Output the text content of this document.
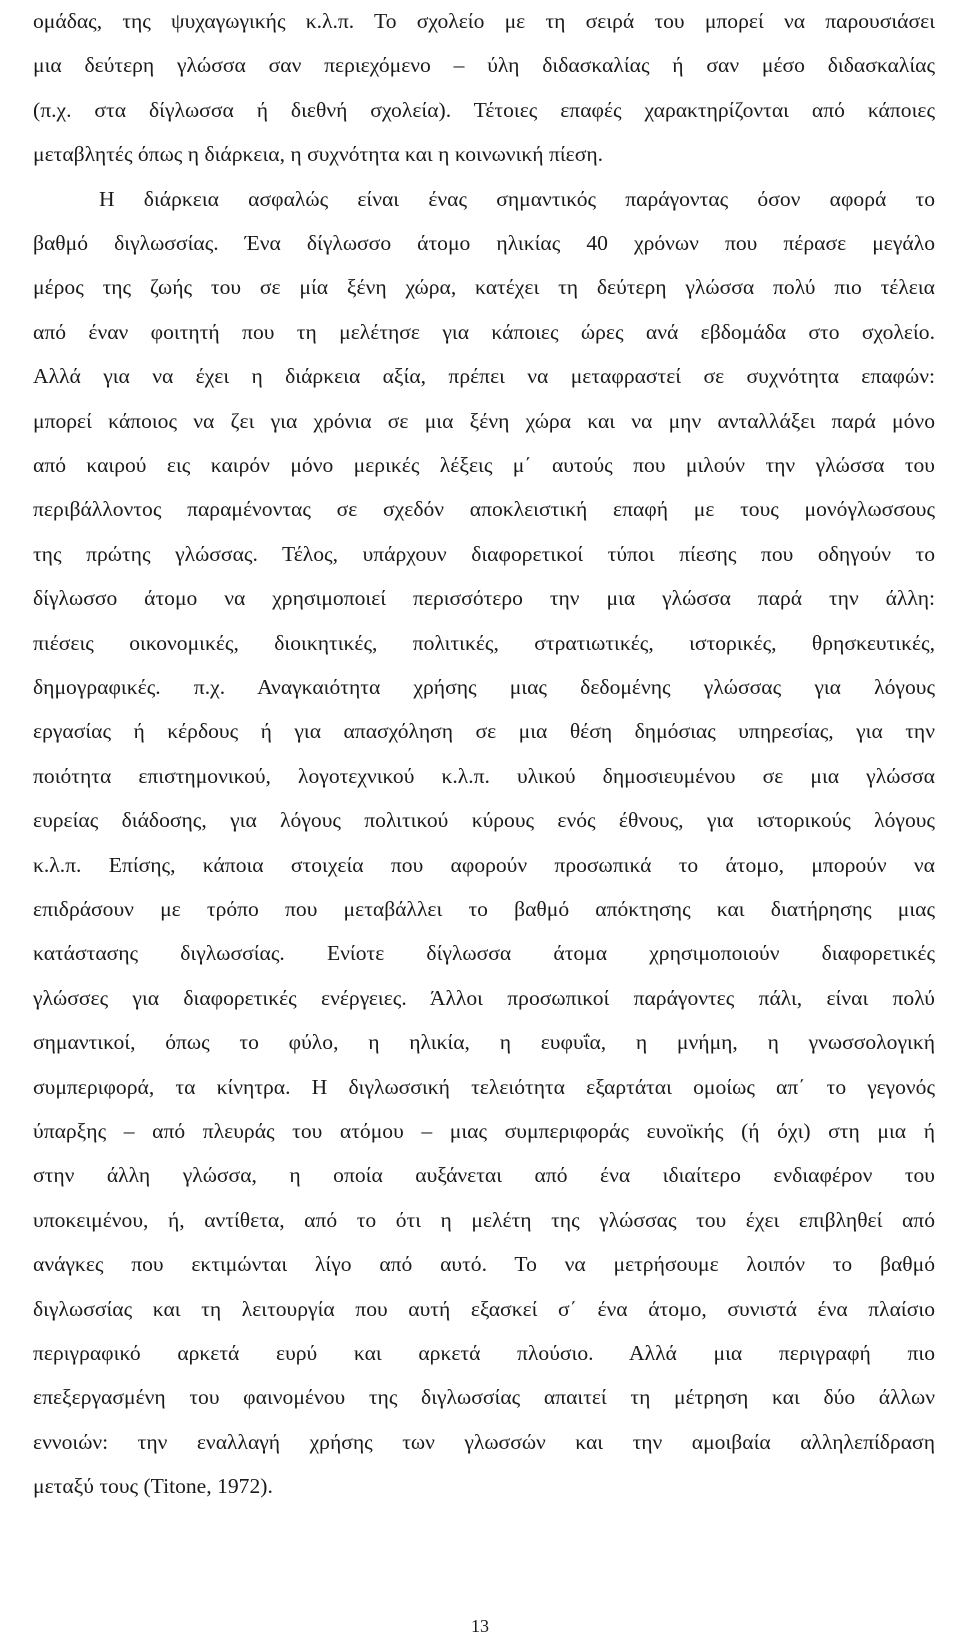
ομάδας, της ψυχαγωγικής κ.λ.π. Το σχολείο με τη σειρά του μπορεί να παρουσιάσει
μια δεύτερη γλώσσα σαν περιεχόμενο – ύλη διδασκαλίας ή σαν μέσο διδασκαλίας
(π.χ. στα δίγλωσσα ή διεθνή σχολεία). Τέτοιες επαφές χαρακτηρίζονται από κάποιες
μεταβλητές όπως η διάρκεια, η συχνότητα και η κοινωνική πίεση.
Η διάρκεια ασφαλώς είναι ένας σημαντικός παράγοντας όσον αφορά το
βαθμό διγλωσσίας. Ένα δίγλωσσο άτομο ηλικίας 40 χρόνων που πέρασε μεγάλο
μέρος της ζωής του σε μία ξένη χώρα, κατέχει τη δεύτερη γλώσσα πολύ πιο τέλεια
από έναν φοιτητή που τη μελέτησε για κάποιες ώρες ανά εβδομάδα στο σχολείο.
Αλλά για να έχει η διάρκεια αξία, πρέπει να μεταφραστεί σε συχνότητα επαφών:
μπορεί κάποιος να ζει για χρόνια σε μια ξένη χώρα και να μην ανταλλάξει παρά μόνο
από καιρού εις καιρόν μόνο μερικές λέξεις μ΄ αυτούς που μιλούν την γλώσσα του
περιβάλλοντος παραμένοντας σε σχεδόν αποκλειστική επαφή με τους μονόγλωσσους
της πρώτης γλώσσας. Τέλος, υπάρχουν διαφορετικοί τύποι πίεσης που οδηγούν το
δίγλωσσο άτομο να χρησιμοποιεί περισσότερο την μια γλώσσα παρά την άλλη:
πιέσεις οικονομικές, διοικητικές, πολιτικές, στρατιωτικές, ιστορικές, θρησκευτικές,
δημογραφικές. π.χ. Αναγκαιότητα χρήσης μιας δεδομένης γλώσσας για λόγους
εργασίας ή κέρδους ή για απασχόληση σε μια θέση δημόσιας υπηρεσίας, για την
ποιότητα επιστημονικού, λογοτεχνικού κ.λ.π. υλικού δημοσιευμένου σε μια γλώσσα
ευρείας διάδοσης, για λόγους πολιτικού κύρους ενός έθνους, για ιστορικούς λόγους
κ.λ.π. Επίσης, κάποια στοιχεία που αφορούν προσωπικά το άτομο, μπορούν να
επιδράσουν με τρόπο που μεταβάλλει το βαθμό απόκτησης και διατήρησης μιας
κατάστασης διγλωσσίας. Ενίοτε δίγλωσσα άτομα χρησιμοποιούν διαφορετικές
γλώσσες για διαφορετικές ενέργειες. Άλλοι προσωπικοί παράγοντες πάλι, είναι πολύ
σημαντικοί, όπως το φύλο, η ηλικία, η ευφυΐα, η μνήμη, η γνωσσολογική
συμπεριφορά, τα κίνητρα. Η διγλωσσική τελειότητα εξαρτάται ομοίως απ΄ το γεγονός
ύπαρξης – από πλευράς του ατόμου – μιας συμπεριφοράς ευνοϊκής (ή όχι) στη μια ή
στην άλλη γλώσσα, η οποία αυξάνεται από ένα ιδιαίτερο ενδιαφέρον του
υποκειμένου, ή, αντίθετα, από το ότι η μελέτη της γλώσσας του έχει επιβληθεί από
ανάγκες που εκτιμώνται λίγο από αυτό. Το να μετρήσουμε λοιπόν το βαθμό
διγλωσσίας και τη λειτουργία που αυτή εξασκεί σ΄ ένα άτομο, συνιστά ένα πλαίσιο
περιγραφικό αρκετά ευρύ και αρκετά πλούσιο. Αλλά μια περιγραφή πιο
επεξεργασμένη του φαινομένου της διγλωσσίας απαιτεί τη μέτρηση και δύο άλλων
εννοιών: την εναλλαγή χρήσης των γλωσσών και την αμοιβαία αλληλεπίδραση
μεταξύ τους (Titone, 1972).
13
